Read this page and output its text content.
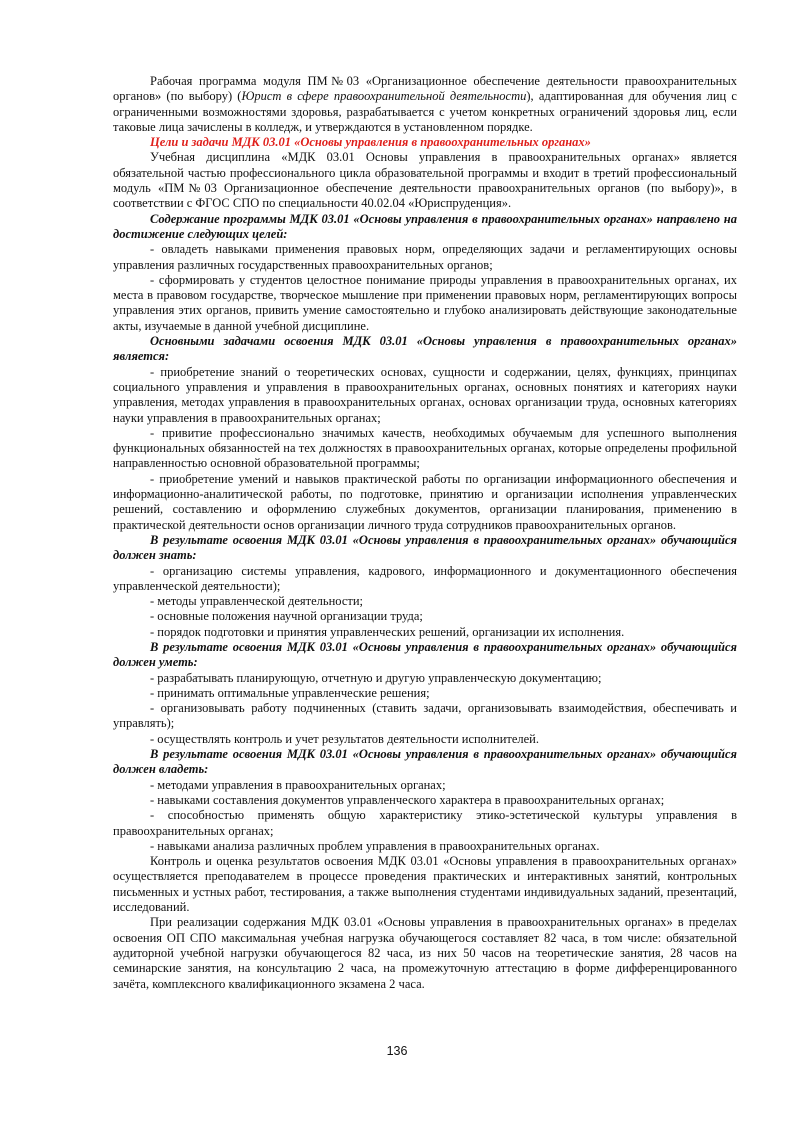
Рабочая программа модуля ПМ№03 «Организационное обеспечение деятельности правоохранительных органов» (по выбору) (Юрист в сфере правоохранительной деятельности), адаптированная для обучения лиц с ограниченными возможностями здоровья, разрабатывается с учетом конкретных ограничений здоровья лиц, если таковые лица зачислены в колледж, и утверждаются в установленном порядке.

Цели и задачи МДК 03.01 «Основы управления в правоохранительных органах»

Учебная дисциплина «МДК 03.01 Основы управления в правоохранительных органах» является обязательной частью профессионального цикла образовательной программы и входит в третий профессиональный модуль «ПМ№03 Организационное обеспечение деятельности правоохранительных органов (по выбору)», в соответствии с ФГОС СПО по специальности 40.02.04 «Юриспруденция».

Содержание программы МДК 03.01 «Основы управления в правоохранительных органах» направлено на достижение следующих целей:

- овладеть навыками применения правовых норм, определяющих задачи и регламентирующих основы управления различных государственных правоохранительных органов;

- сформировать у студентов целостное понимание природы управления в правоохранительных органах, их места в правовом государстве, творческое мышление при применении правовых норм, регламентирующих вопросы управления этих органов, привить умение самостоятельно и глубоко анализировать действующие законодательные акты, изучаемые в данной учебной дисциплине.

Основными задачами освоения МДК 03.01 «Основы управления в правоохранительных органах» является:

- приобретение знаний о теоретических основах, сущности и содержании, целях, функциях, принципах социального управления и управления в правоохранительных органах, основных понятиях и категориях науки управления, методах управления в правоохранительных органах, основах организации труда, основных категориях науки управления в правоохранительных органах;

- привитие профессионально значимых качеств, необходимых обучаемым для успешного выполнения функциональных обязанностей на тех должностях в правоохранительных органах, которые определены профильной направленностью основной образовательной программы;

- приобретение умений и навыков практической работы по организации информационного обеспечения и информационно-аналитической работы, по подготовке, принятию и организации исполнения управленческих решений, составлению и оформлению служебных документов, организации планирования, применению в практической деятельности основ организации личного труда сотрудников правоохранительных органов.

В результате освоения МДК 03.01 «Основы управления в правоохранительных органах» обучающийся должен знать:

- организацию системы управления, кадрового, информационного и документационного обеспечения управленческой деятельности);

- методы управленческой деятельности;

- основные положения научной организации труда;

- порядок подготовки и принятия управленческих решений, организации их исполнения.

В результате освоения МДК 03.01 «Основы управления в правоохранительных органах» обучающийся должен уметь:

- разрабатывать планирующую, отчетную и другую управленческую документацию;

- принимать оптимальные управленческие решения;

- организовывать работу подчиненных (ставить задачи, организовывать взаимодействия, обеспечивать и управлять);

- осуществлять контроль и учет результатов деятельности исполнителей.

В результате освоения МДК 03.01 «Основы управления в правоохранительных органах» обучающийся должен владеть:

- методами управления в правоохранительных органах;

- навыками составления документов управленческого характера в правоохранительных органах;

- способностью применять общую характеристику этико-эстетической культуры управления в правоохранительных органах;

- навыками анализа различных проблем управления в правоохранительных органах.

Контроль и оценка результатов освоения МДК 03.01 «Основы управления в правоохранительных органах» осуществляется преподавателем в процессе проведения практических и интерактивных занятий, контрольных письменных и устных работ, тестирования, а также выполнения студентами индивидуальных заданий, презентаций, исследований.

При реализации содержания МДК 03.01 «Основы управления в правоохранительных органах» в пределах освоения ОП СПО максимальная учебная нагрузка обучающегося составляет 82 часа, в том числе: обязательной аудиторной учебной нагрузки обучающегося 82 часа, из них 50 часов на теоретические занятия, 28 часов на семинарские занятия, на консультацию 2 часа, на промежуточную аттестацию в форме дифференцированного зачёта, комплексного квалификационного экзамена 2 часа.

136
